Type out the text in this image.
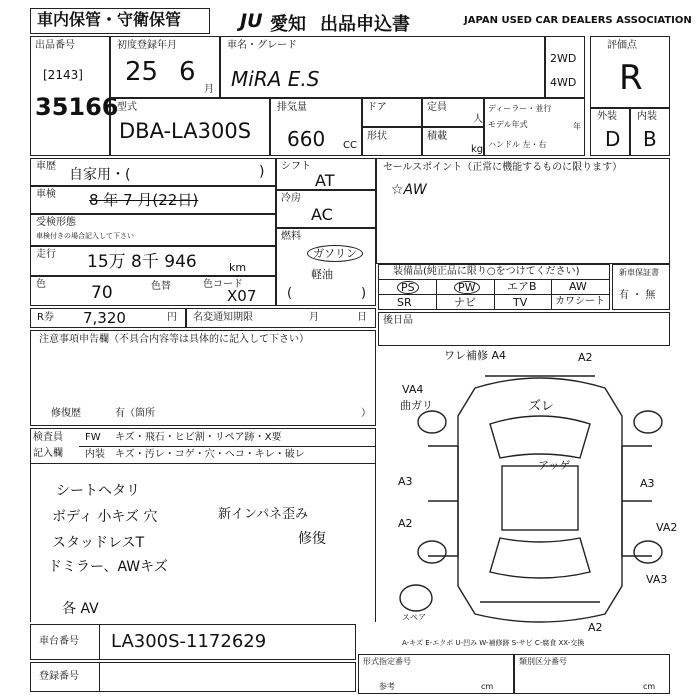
車内保管・守衛保管	JU 愛知 出品申込書	JAPAN USED CAR DEALERS ASSOCIATION
出品番号
[2143]
35166
初度登録年月
25 6
月
車名・グレード
MiRA E.S
2WD
4WD
型式
DBA-LA300S
排気量
660 CC
ドア	定員
人
形状	積載
kg
ディーラー・並行
モデル年式	年
ハンドル 左・右
評価点
R
外装 内装
D B
車歴
自家用・(	)
車検 8 年 7 月(22日)
受検形態
車検付きの場合記入して下さい
走行 15万 8千 946	km
色	70	色替	色コード
X07
シフト
AT
冷房
AC
燃料
ガソリン
軽油
(	)
セールスポイント（正常に機能するものに限ります）
☆AW
装備品(純正品に限り○をつけてください)
PS	PW	エアB	AW
SR	ナビ	TV	カワシート
新車保証書
有 ・ 無
R券 7,320	円 名変通知期限	月	日
注意事項申告欄（不具合内容等は具体的に記入して下さい）
修復歴	有（箇所	）
後日品
検査員
記入欄
FW キズ・飛石・ヒビ割・リペア跡・X要
内装 キズ・汚レ・コゲ・穴・ヘコ・キレ・破レ
シートヘタリ
ボディ 小キズ 穴
スタッドレスT
ドミラー、AWキズ
各 AV
新インパネ歪み
修復
ワレ補修 A4	A2
VA4
曲ガリ	ズレ
アッゲ
A3
A2
A3
VA2
VA3
A2
スペア
A-キズ E-エクボ U-凹み W-補修跡 S-サビ C-腐食 XX-交換
車台番号 LA300S-1172629
登録番号
形式指定番号
参考	cm
類別区分番号
cm
